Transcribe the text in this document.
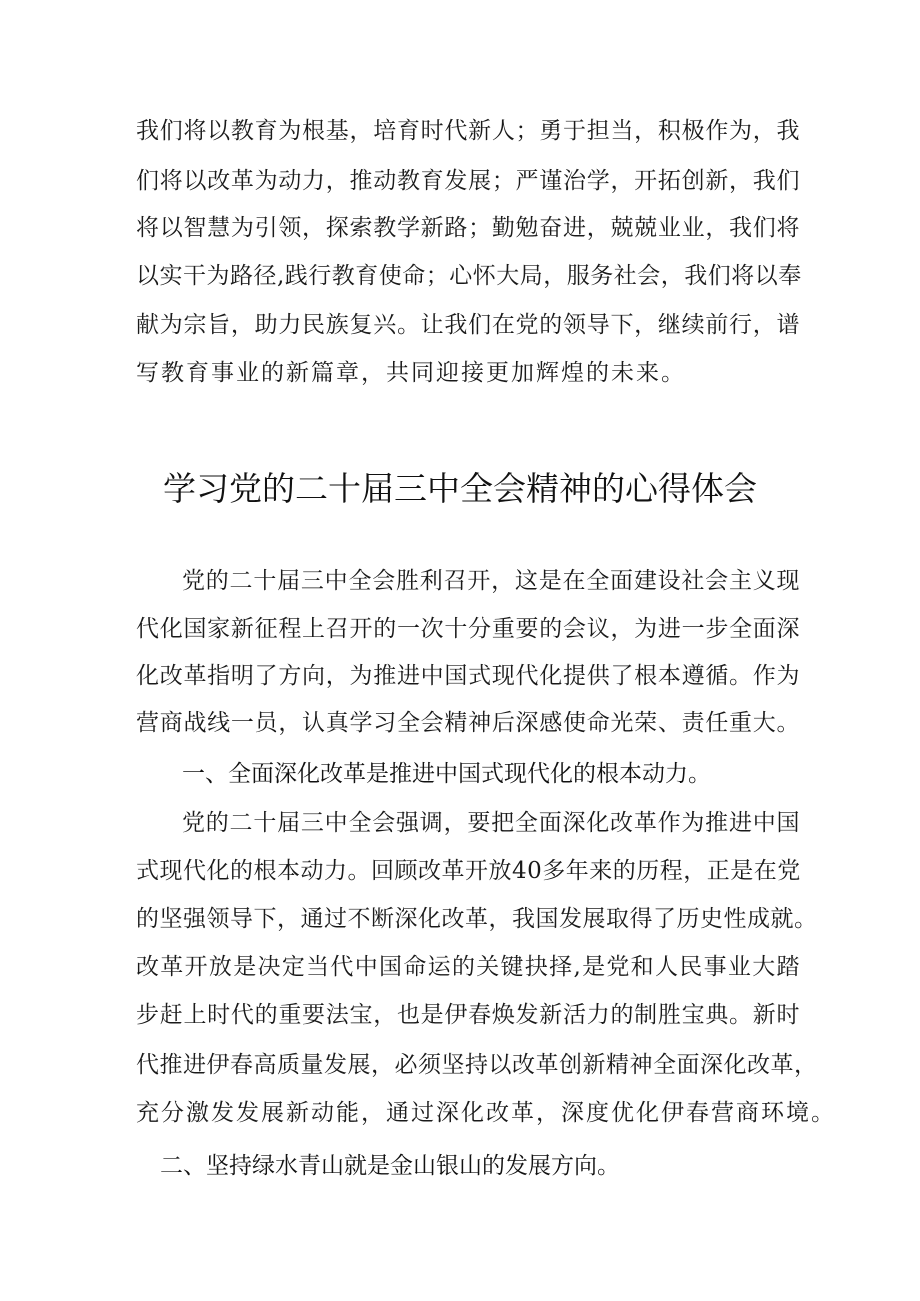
我们将以教育为根基，培育时代新人；勇于担当，积极作为，我
们将以改革为动力，推动教育发展；严谨治学，开拓创新，我们
将以智慧为引领，探索教学新路；勤勉奋进，兢兢业业，我们将
以实干为路径,践行教育使命；心怀大局，服务社会，我们将以奉
献为宗旨，助力民族复兴。让我们在党的领导下，继续前行，谱
写教育事业的新篇章，共同迎接更加辉煌的未来。
学习党的二十届三中全会精神的心得体会
党的二十届三中全会胜利召开，这是在全面建设社会主义现
代化国家新征程上召开的一次十分重要的会议，为进一步全面深
化改革指明了方向，为推进中国式现代化提供了根本遵循。作为
营商战线一员，认真学习全会精神后深感使命光荣、责任重大。
一、全面深化改革是推进中国式现代化的根本动力。
党的二十届三中全会强调，要把全面深化改革作为推进中国
式现代化的根本动力。回顾改革开放40多年来的历程，正是在党
的坚强领导下，通过不断深化改革，我国发展取得了历史性成就。
改革开放是决定当代中国命运的关键抉择,是党和人民事业大踏
步赶上时代的重要法宝，也是伊春焕发新活力的制胜宝典。新时
代推进伊春高质量发展，必须坚持以改革创新精神全面深化改革，
充分激发发展新动能，通过深化改革，深度优化伊春营商环境。
二、坚持绿水青山就是金山银山的发展方向。
